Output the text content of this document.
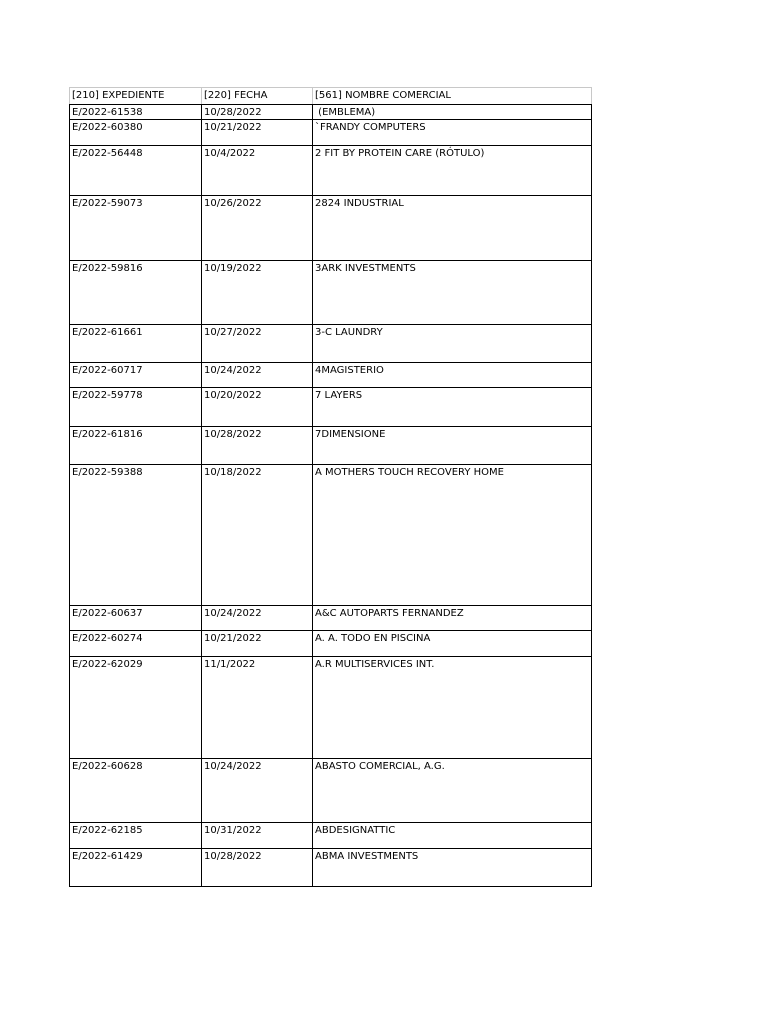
[210] EXPEDIENTE	[220] FECHA	[561] NOMBRE COMERCIAL
E/2022-61538	10/28/2022	(EMBLEMA)
E/2022-60380	10/21/2022	`FRANDY COMPUTERS
E/2022-56448	10/4/2022	2 FIT BY PROTEIN CARE (RÓTULO)
E/2022-59073	10/26/2022	2824 INDUSTRIAL
E/2022-59816	10/19/2022	3ARK INVESTMENTS
E/2022-61661	10/27/2022	3-C LAUNDRY
E/2022-60717	10/24/2022	4MAGISTERIO
E/2022-59778	10/20/2022	7 LAYERS
E/2022-61816	10/28/2022	7DIMENSIONE
E/2022-59388	10/18/2022	A MOTHERS TOUCH RECOVERY HOME
E/2022-60637	10/24/2022	A&C AUTOPARTS FERNANDEZ
E/2022-60274	10/21/2022	A. A. TODO EN PISCINA
E/2022-62029	11/1/2022	A.R MULTISERVICES INT.
E/2022-60628	10/24/2022	ABASTO COMERCIAL, A.G.
E/2022-62185	10/31/2022	ABDESIGNATTIC
E/2022-61429	10/28/2022	ABMA INVESTMENTS
